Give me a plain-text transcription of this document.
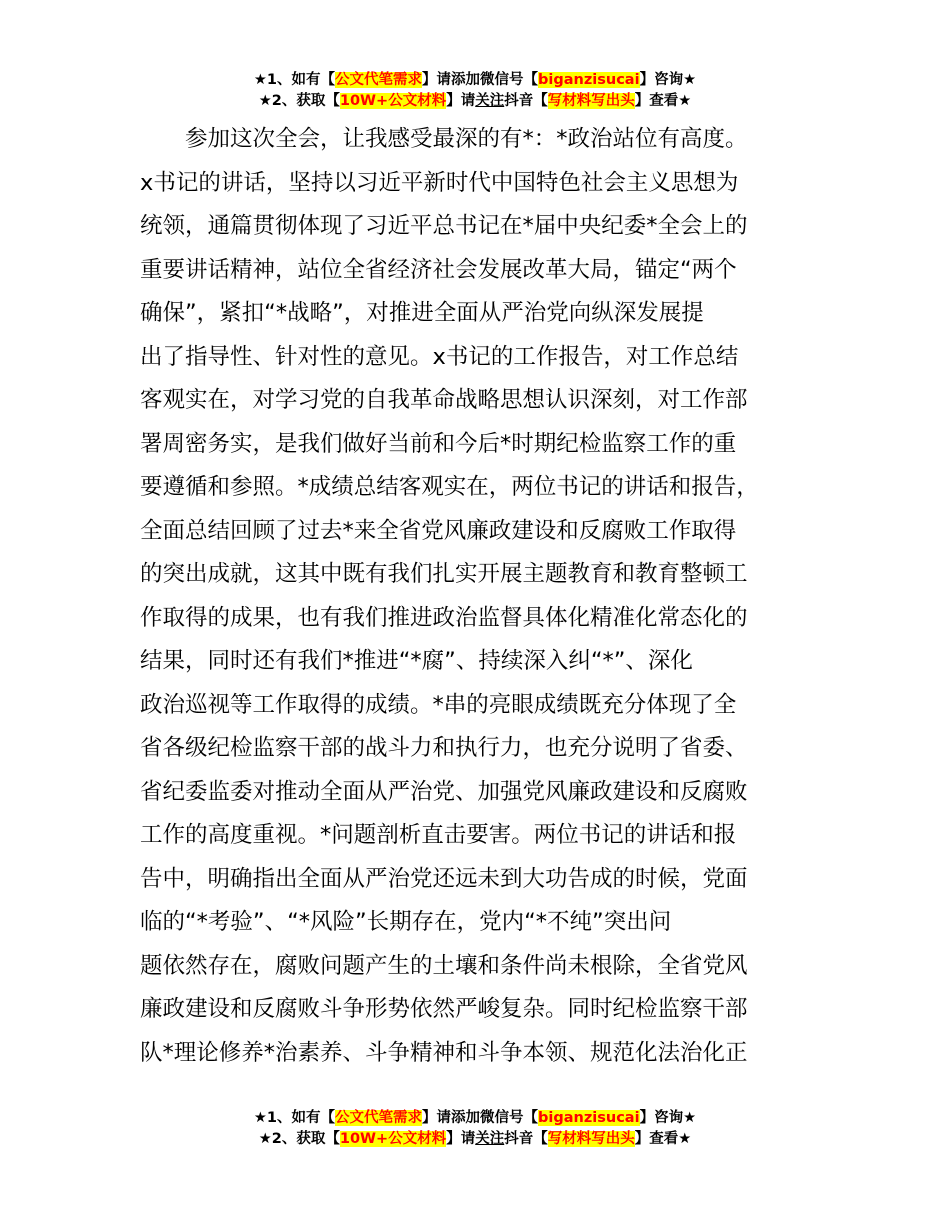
★1、如有【公文代笔需求】请添加微信号【biganzisucai】咨询★
★2、获取【10W+公文材料】请关注抖音【写材料写出头】查看★
参加这次全会，让我感受最深的有*：*政治站位有高度。
x书记的讲话，坚持以习近平新时代中国特色社会主义思想为
统领，通篇贯彻体现了习近平总书记在*届中央纪委*全会上的
重要讲话精神，站位全省经济社会发展改革大局，锚定“两个
确保”，紧扣“*战略”，对推进全面从严治党向纵深发展提
出了指导性、针对性的意见。x书记的工作报告，对工作总结
客观实在，对学习党的自我革命战略思想认识深刻，对工作部
署周密务实，是我们做好当前和今后*时期纪检监察工作的重
要遵循和参照。*成绩总结客观实在，两位书记的讲话和报告，
全面总结回顾了过去*来全省党风廉政建设和反腐败工作取得
的突出成就，这其中既有我们扎实开展主题教育和教育整顿工
作取得的成果，也有我们推进政治监督具体化精准化常态化的
结果，同时还有我们*推进“*腐”、持续深入纠“*”、深化
政治巡视等工作取得的成绩。*串的亮眼成绩既充分体现了全
省各级纪检监察干部的战斗力和执行力，也充分说明了省委、
省纪委监委对推动全面从严治党、加强党风廉政建设和反腐败
工作的高度重视。*问题剖析直击要害。两位书记的讲话和报
告中，明确指出全面从严治党还远未到大功告成的时候，党面
临的“*考验”、“*风险”长期存在，党内“*不纯”突出问
题依然存在，腐败问题产生的土壤和条件尚未根除，全省党风
廉政建设和反腐败斗争形势依然严峻复杂。同时纪检监察干部
队*理论修养*治素养、斗争精神和斗争本领、规范化法治化正
★1、如有【公文代笔需求】请添加微信号【biganzisucai】咨询★
★2、获取【10W+公文材料】请关注抖音【写材料写出头】查看★
